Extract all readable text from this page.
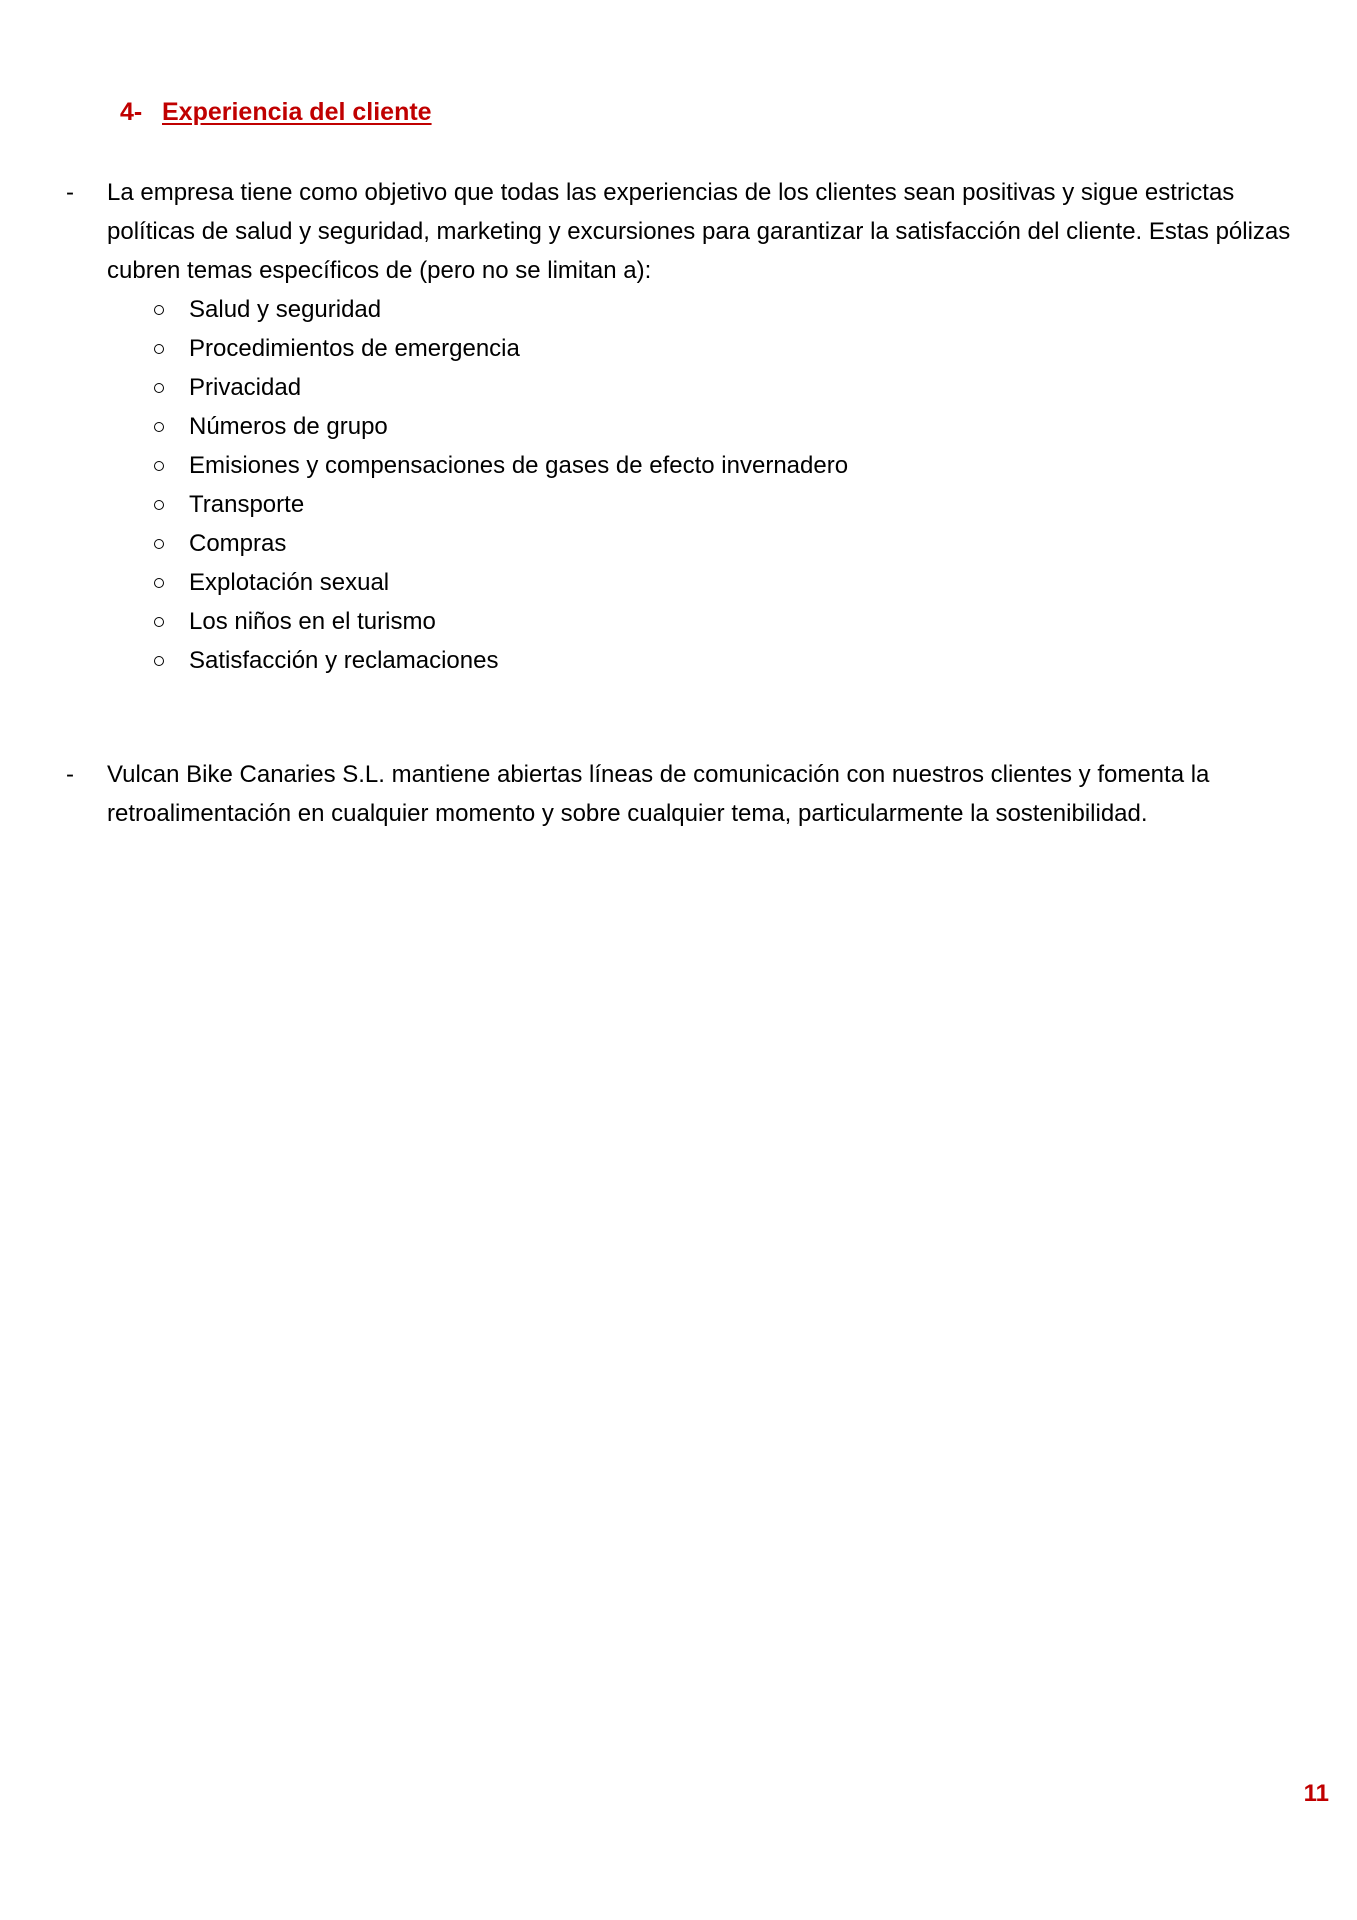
4- Experiencia del cliente
-	La empresa tiene como objetivo que todas las experiencias de los clientes sean positivas y sigue estrictas políticas de salud y seguridad, marketing y excursiones para garantizar la satisfacción del cliente. Estas pólizas cubren temas específicos de (pero no se limitan a):
Salud y seguridad
Procedimientos de emergencia
Privacidad
Números de grupo
Emisiones y compensaciones de gases de efecto invernadero
Transporte
Compras
Explotación sexual
Los niños en el turismo
Satisfacción y reclamaciones
-	Vulcan Bike Canaries S.L. mantiene abiertas líneas de comunicación con nuestros clientes y fomenta la retroalimentación en cualquier momento y sobre cualquier tema, particularmente la sostenibilidad.
11
